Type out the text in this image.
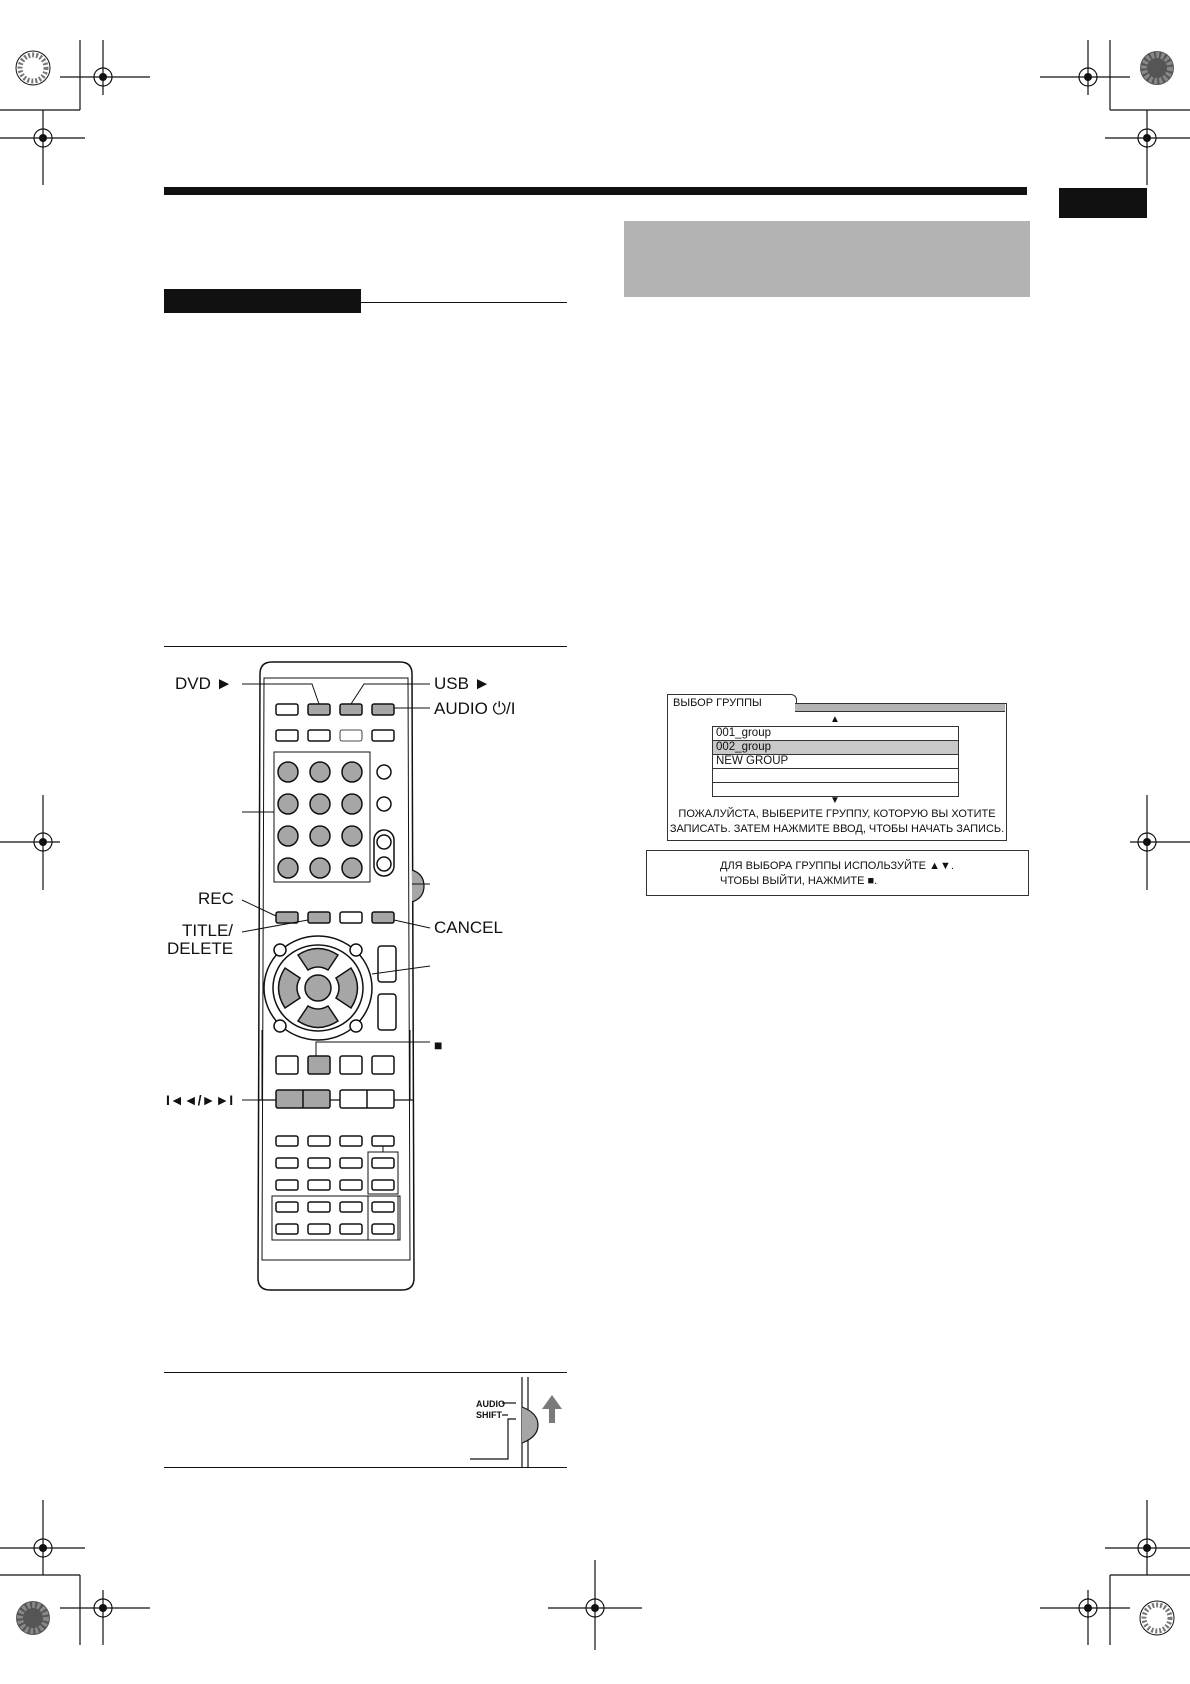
DVD ►	USB ►
AUDIO ⏻/I
REC
TITLE/
DELETE
CANCEL
■
I◄◄/►►I
AUDIO
SHIFT
ВЫБОР ГРУППЫ
▲
001_group
002_group
NEW GROUP
▼
ПОЖАЛУЙСТА, ВЫБЕРИТЕ ГРУППУ, КОТОРУЮ ВЫ ХОТИТЕ
ЗАПИСАТЬ. ЗАТЕМ НАЖМИТЕ ВВОД, ЧТОБЫ НАЧАТЬ ЗАПИСЬ.
ДЛЯ ВЫБОРА ГРУППЫ ИСПОЛЬЗУЙТЕ ▲▼.
ЧТОБЫ ВЫЙТИ, НАЖМИТЕ ■.
